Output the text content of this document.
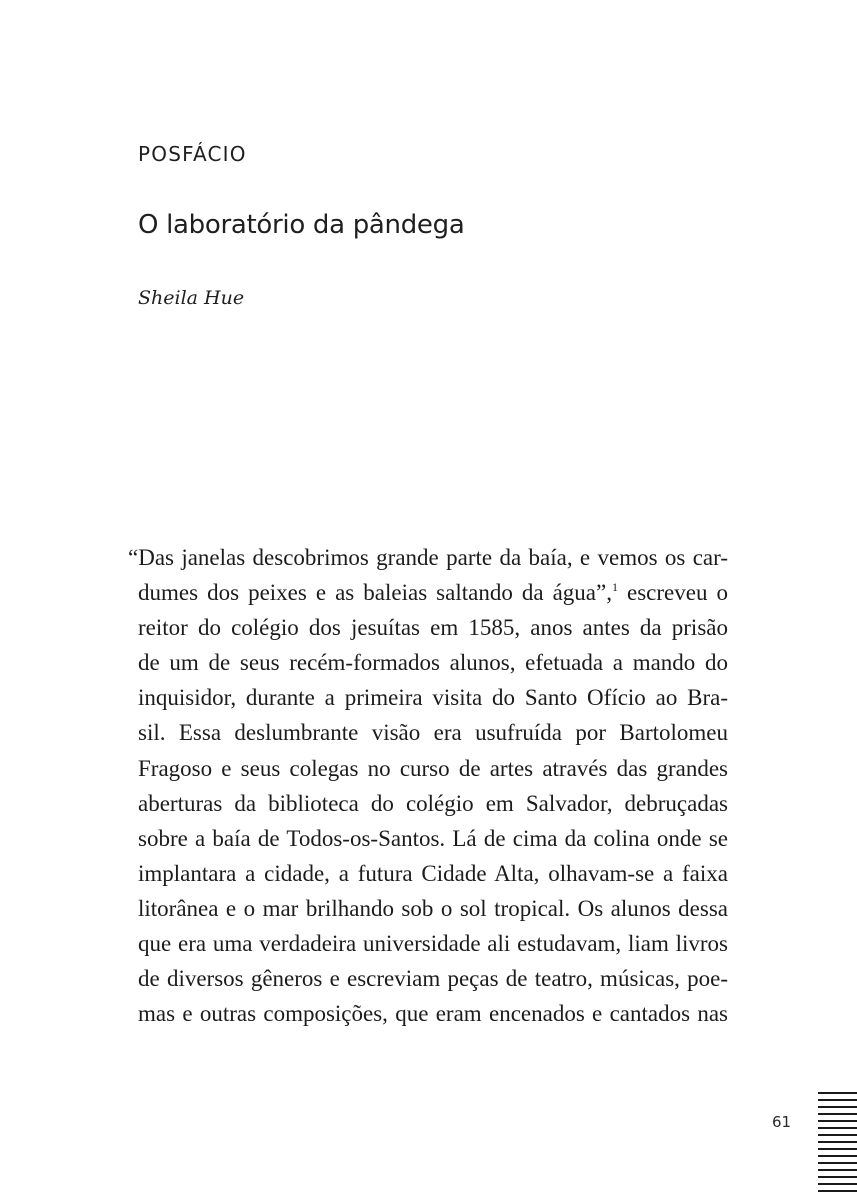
POSFÁCIO
O laboratório da pândega
Sheila Hue
“Das janelas descobrimos grande parte da baía, e vemos os car-
dumes dos peixes e as baleias saltando da água”,$^1$ escreveu o
reitor do colégio dos jesuítas em 1585, anos antes da prisão
de um de seus recém-formados alunos, efetuada a mando do
inquisidor, durante a primeira visita do Santo Ofício ao Bra-
sil. Essa deslumbrante visão era usufruída por Bartolomeu
Fragoso e seus colegas no curso de artes através das grandes
aberturas da biblioteca do colégio em Salvador, debruçadas
sobre a baía de Todos-os-Santos. Lá de cima da colina onde se
implantara a cidade, a futura Cidade Alta, olhavam-se a faixa
litorânea e o mar brilhando sob o sol tropical. Os alunos dessa
que era uma verdadeira universidade ali estudavam, liam livros
de diversos gêneros e escreviam peças de teatro, músicas, poe-
mas e outras composições, que eram encenados e cantados nas
61
